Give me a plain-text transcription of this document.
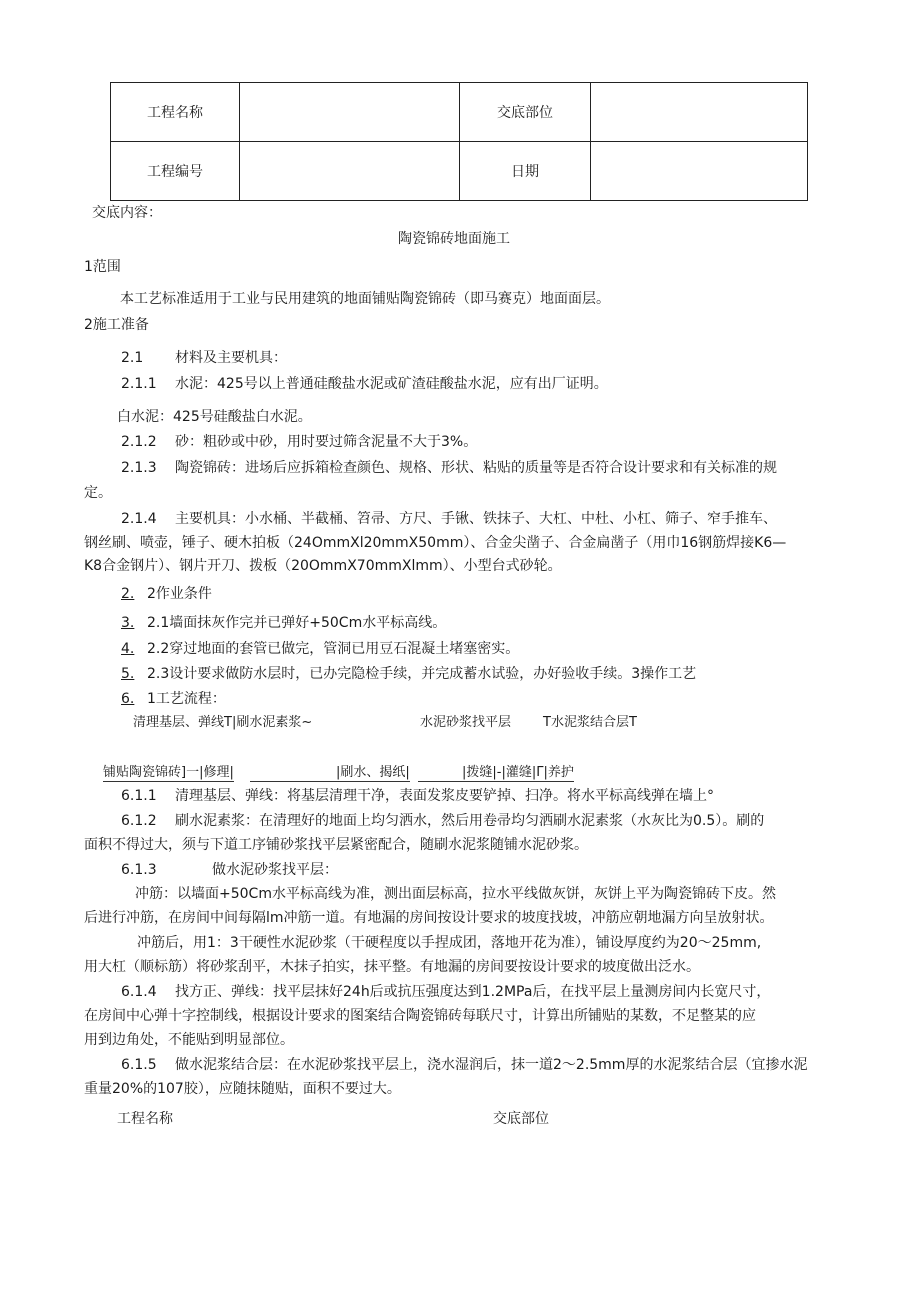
工程名称		交底部位	
工程编号		日期	
交底内容：
陶瓷锦砖地面施工
1范围
本工艺标准适用于工业与民用建筑的地面铺贴陶瓷锦砖（即马赛克）地面面层。
2施工准备
2.1 材料及主要机具：
2.1.1 水泥：425号以上普通硅酸盐水泥或矿渣硅酸盐水泥，应有出厂证明。
白水泥：425号硅酸盐白水泥。
2.1.2 砂：粗砂或中砂，用时要过筛含泥量不大于3%。
2.1.3 陶瓷锦砖：进场后应拆箱检查颜色、规格、形状、粘贴的质量等是否符合设计要求和有关标准的规
定。
2.1.4 主要机具：小水桶、半截桶、笤帚、方尺、手锹、铁抹子、大杠、中杜、小杠、筛子、窄手推车、
钢丝刷、喷壶，锤子、硬木拍板（24OmmXl20mmX50mm）、合金尖凿子、合金扁凿子（用巾16钢筋焊接K6—
K8合金钢片）、钢片开刀、拨板（20OmmX70mmXlmm）、小型台式砂轮。
2. 2作业条件
3. 2.1墙面抹灰作完并已弹好+50Cm水平标高线。
4. 2.2穿过地面的套管已做完，管洞已用豆石混凝土堵塞密实。
5. 2.3设计要求做防水层时，已办完隐检手续，并完成蓄水试验，办好验收手续。3操作工艺
6. 1工艺流程：
清理基层、弹线T|刷水泥素浆~	水泥砂浆找平层 T水泥浆结合层T
铺贴陶瓷锦砖]一|修理|	|刷水、揭纸|	|拨缝|-|灌缝|Γ|养护
6.1.1 清理基层、弹线：将基层清理干净，表面发浆皮要铲掉、扫净。将水平标高线弹在墙上°
6.1.2 刷水泥素浆：在清理好的地面上均匀洒水，然后用卷帚均匀洒刷水泥素浆（水灰比为0.5）。刷的
面积不得过大，须与下道工序铺砂浆找平层紧密配合，随刷水泥浆随铺水泥砂浆。
6.1.3	做水泥砂浆找平层：
冲筋：以墙面+50Cm水平标高线为准，测出面层标高，拉水平线做灰饼，灰饼上平为陶瓷锦砖下皮。然
后进行冲筋，在房间中间每隔lm冲筋一道。有地漏的房间按设计要求的坡度找坡，冲筋应朝地漏方向呈放射状。
冲筋后，用1：3干硬性水泥砂浆（干硬程度以手捏成团，落地开花为准），铺设厚度约为20～25mm,
用大杠（顺标筋）将砂浆刮平，木抹子拍实，抹平整。有地漏的房间要按设计要求的坡度做出泛水。
6.1.4 找方正、弹线：找平层抹好24h后或抗压强度达到1.2MPa后，在找平层上量测房间内长宽尺寸，
在房间中心弹十字控制线，根据设计要求的图案结合陶瓷锦砖每联尺寸，计算出所铺贴的某数，不足整某的应
用到边角处，不能贴到明显部位。
6.1.5 做水泥浆结合层：在水泥砂浆找平层上，浇水湿润后，抹一道2～2.5mm厚的水泥浆结合层（宜掺水泥
重量20%的107胶），应随抹随贴，面积不要过大。
工程名称	交底部位
